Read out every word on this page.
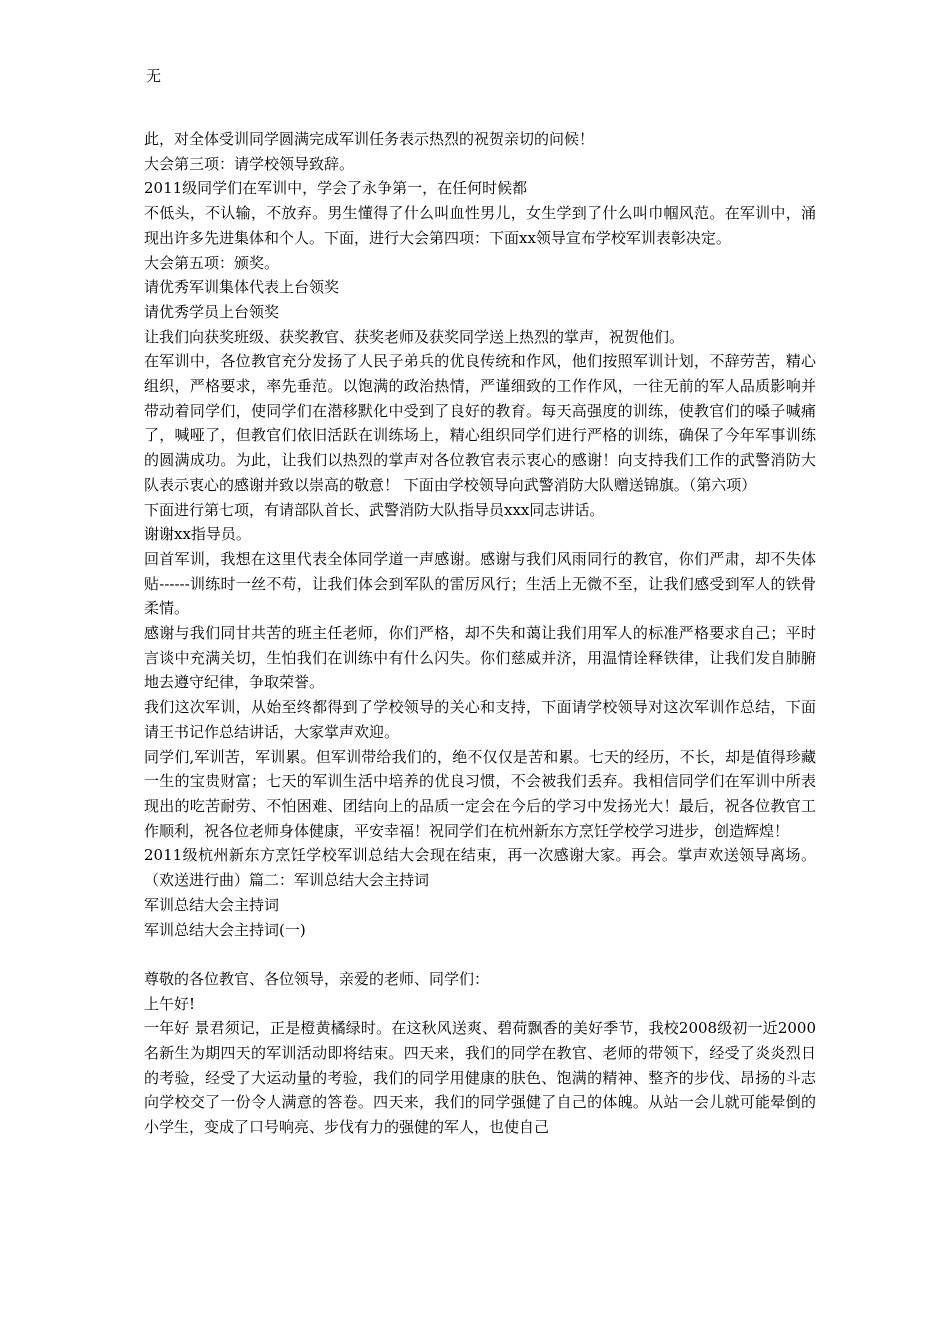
无

此，对全体受训同学圆满完成军训任务表示热烈的祝贺亲切的问候！

大会第三项：请学校领导致辞。

2011级同学们在军训中，学会了永争第一，在任何时候都

不低头，不认输，不放弃。男生懂得了什么叫血性男儿，女生学到了什么叫巾帼风范。在军训中，涌现出许多先进集体和个人。下面，进行大会第四项：下面xx领导宣布学校军训表彰决定。

大会第五项：颁奖。

请优秀军训集体代表上台领奖

请优秀学员上台领奖

让我们向获奖班级、获奖教官、获奖老师及获奖同学送上热烈的掌声，祝贺他们。

在军训中，各位教官充分发扬了人民子弟兵的优良传统和作风，他们按照军训计划，不辞劳苦，精心组织，严格要求，率先垂范。以饱满的政治热情，严谨细致的工作作风，一往无前的军人品质影响并带动着同学们，使同学们在潜移默化中受到了良好的教育。每天高强度的训练，使教官们的嗓子喊痛了，喊哑了，但教官们依旧活跃在训练场上，精心组织同学们进行严格的训练，确保了今年军事训练的圆满成功。为此，让我们以热烈的掌声对各位教官表示衷心的感谢！向支持我们工作的武警消防大队表示衷心的感谢并致以崇高的敬意！ 下面由学校领导向武警消防大队赠送锦旗。（第六项）

下面进行第七项，有请部队首长、武警消防大队指导员xxx同志讲话。

谢谢xx指导员。

回首军训，我想在这里代表全体同学道一声感谢。感谢与我们风雨同行的教官，你们严肃，却不失体贴------训练时一丝不苟，让我们体会到军队的雷厉风行；生活上无微不至，让我们感受到军人的铁骨柔情。

感谢与我们同甘共苦的班主任老师，你们严格，却不失和蔼让我们用军人的标准严格要求自己；平时言谈中充满关切，生怕我们在训练中有什么闪失。你们慈威并济，用温情诠释铁律，让我们发自肺腑地去遵守纪律，争取荣誉。

我们这次军训，从始至终都得到了学校领导的关心和支持，下面请学校领导对这次军训作总结，下面请王书记作总结讲话，大家掌声欢迎。

同学们,军训苦，军训累。但军训带给我们的，绝不仅仅是苦和累。七天的经历，不长，却是值得珍藏一生的宝贵财富；七天的军训生活中培养的优良习惯，不会被我们丢弃。我相信同学们在军训中所表现出的吃苦耐劳、不怕困难、团结向上的品质一定会在今后的学习中发扬光大！最后，祝各位教官工作顺利，祝各位老师身体健康，平安幸福！祝同学们在杭州新东方烹饪学校学习进步，创造辉煌！

2011级杭州新东方烹饪学校军训总结大会现在结束，再一次感谢大家。再会。掌声欢送领导离场。（欢送进行曲）篇二：军训总结大会主持词

军训总结大会主持词

军训总结大会主持词(一)

尊敬的各位教官、各位领导，亲爱的老师、同学们：

上午好!

一年好 景君须记，正是橙黄橘绿时。在这秋风送爽、碧荷飘香的美好季节，我校2008级初一近2000 名新生为期四天的军训活动即将结束。四天来，我们的同学在教官、老师的带领下，经受了炎炎烈日的考验，经受了大运动量的考验，我们的同学用健康的肤色、饱满的精神、整齐的步伐、昂扬的斗志向学校交了一份令人满意的答卷。四天来，我们的同学强健了自己的体魄。从站一会儿就可能晕倒的小学生，变成了口号响亮、步伐有力的强健的军人，也使自己
